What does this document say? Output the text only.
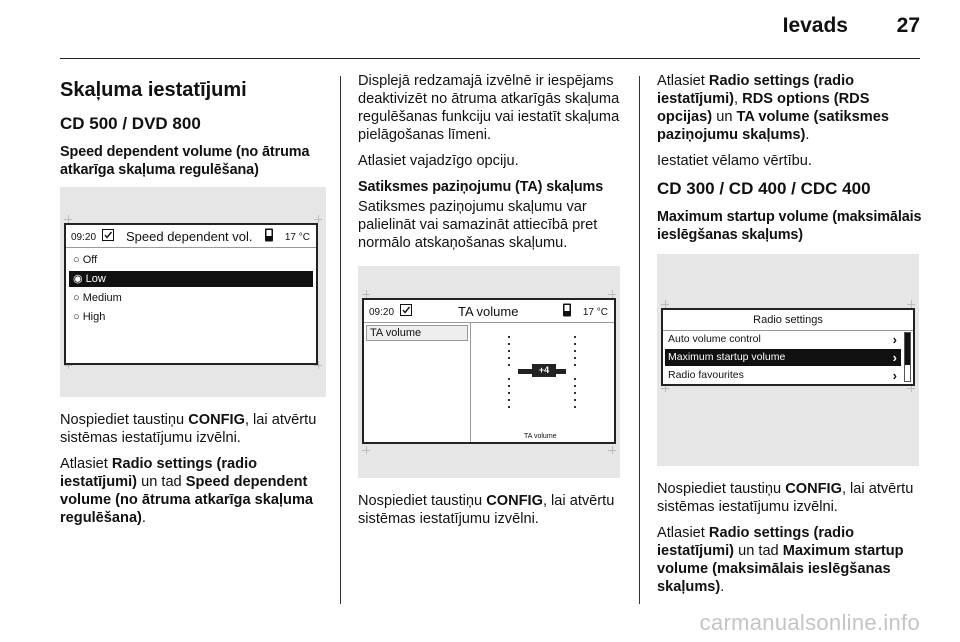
Ievads	27
Skaļuma iestatījumi
CD 500 / DVD 800
Speed dependent volume (no ātruma atkarīga skaļuma regulēšana)
09:20 Speed dependent vol.	17 °C
○ Off
◉ Low
○ Medium
○ High

Nospiediet taustiņu CONFIG, lai atvērtu sistēmas iestatījumu izvēlni.

Atlasiet Radio settings (radio iestatījumi) un tad Speed dependent volume (no ātruma atkarīga skaļuma regulēšana).

Displejā redzamajā izvēlnē ir iespējams deaktivizēt no ātruma atkarīgās skaļuma regulēšanas funkciju vai iestatīt skaļuma pielāgošanas līmeni.

Atlasiet vajadzīgo opciju.

Satiksmes paziņojumu (TA) skaļums

Satiksmes paziņojumu skaļumu var palielināt vai samazināt attiecībā pret normālo atskaņošanas skaļumu.

09:20	TA volume	17 °C
TA volume
+4
TA volume

Nospiediet taustiņu CONFIG, lai atvērtu sistēmas iestatījumu izvēlni.

Atlasiet Radio settings (radio iestatījumi), RDS options (RDS opcijas) un TA volume (satiksmes paziņojumu skaļums).

Iestatiet vēlamo vērtību.

CD 300 / CD 400 / CDC 400
Maximum startup volume (maksimālais ieslēgšanas skaļums)
Radio settings
Auto volume control	›
Maximum startup volume	›
Radio favourites	›

Nospiediet taustiņu CONFIG, lai atvērtu sistēmas iestatījumu izvēlni.

Atlasiet Radio settings (radio iestatījumi) un tad Maximum startup volume (maksimālais ieslēgšanas skaļums).

carmanualsonline.info
